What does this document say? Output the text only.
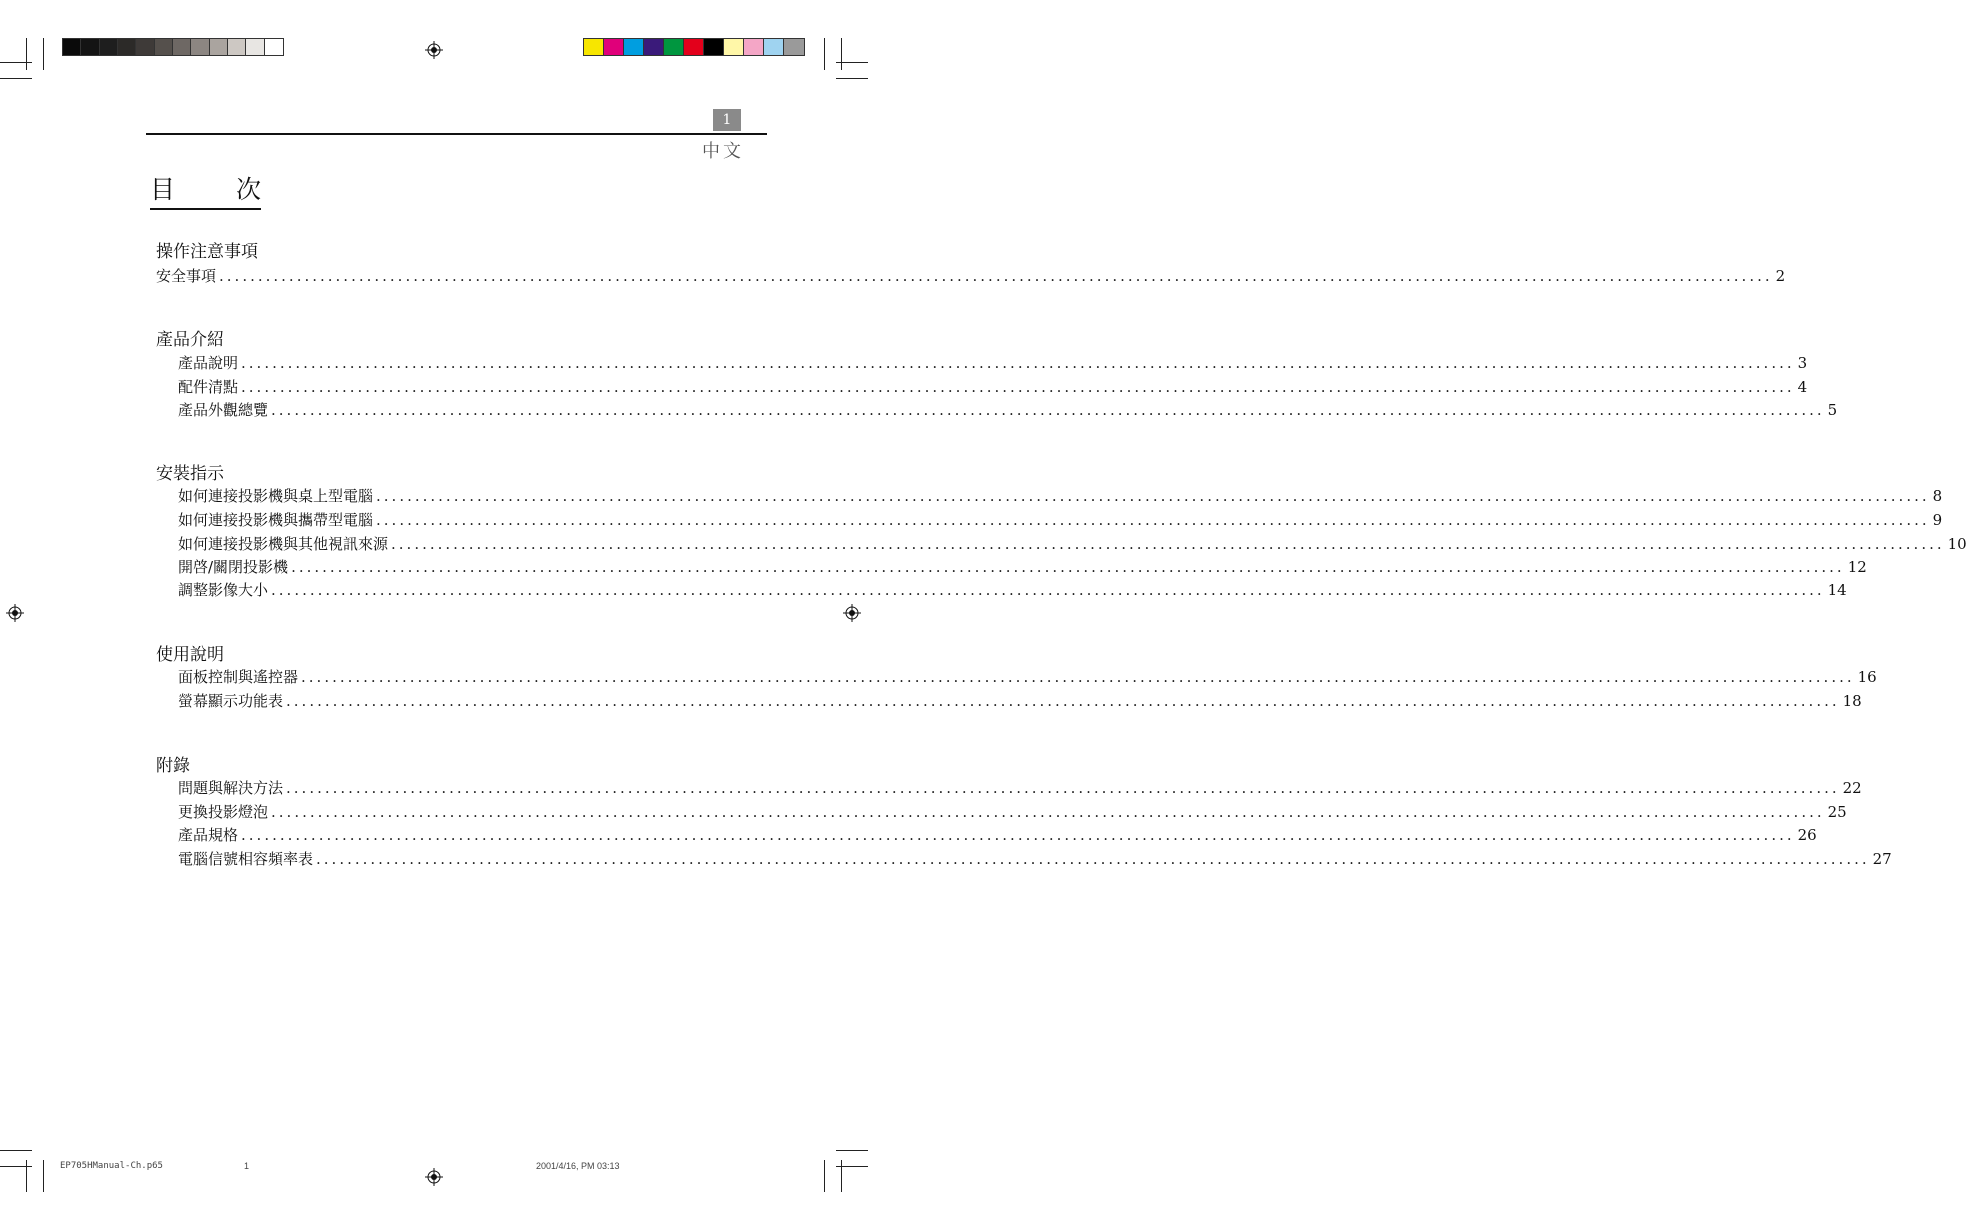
1
中文
目 次
操作注意事項
安全事項 ........................................................................................................................................................................................................ 2
產品介紹
產品說明 ........................................................................................................................................................................................................ 3
配件清點 ........................................................................................................................................................................................................ 4
產品外觀總覽 ........................................................................................................................................................................................................ 5
安裝指示
如何連接投影機與桌上型電腦 ........................................................................................................................................................................................................ 8
如何連接投影機與攜帶型電腦 ........................................................................................................................................................................................................ 9
如何連接投影機與其他視訊來源 ........................................................................................................................................................................................................ 10
開啓/關閉投影機 ........................................................................................................................................................................................................ 12
調整影像大小 ........................................................................................................................................................................................................ 14
使用說明
面板控制與遙控器 ........................................................................................................................................................................................................ 16
螢幕顯示功能表 ........................................................................................................................................................................................................ 18
附錄
問題與解決方法 ........................................................................................................................................................................................................ 22
更換投影燈泡 ........................................................................................................................................................................................................ 25
產品規格 ........................................................................................................................................................................................................ 26
電腦信號相容頻率表 ........................................................................................................................................................................................................ 27
EP705HManual-Ch.p65	1	2001/4/16, PM 03:13
